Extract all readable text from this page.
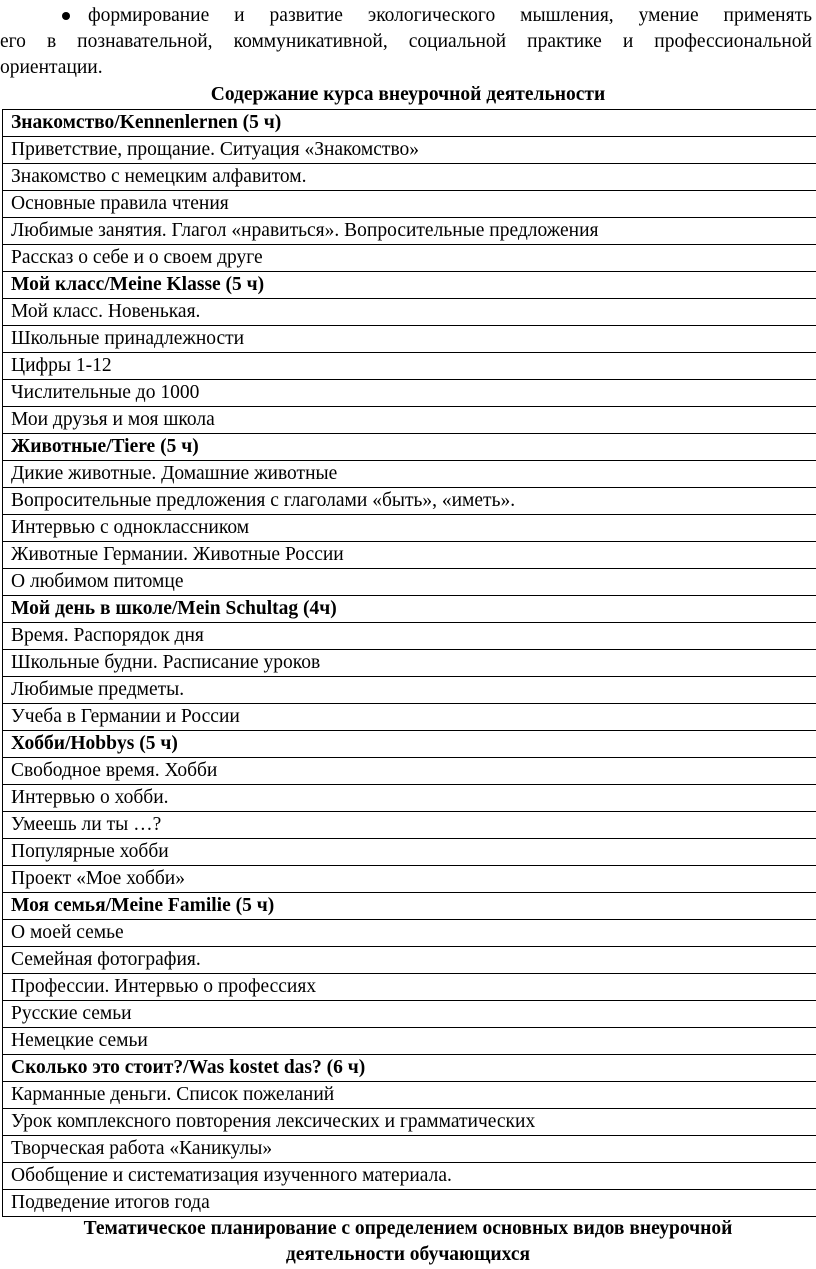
формирование и развитие экологического мышления, умение применять
его в познавательной, коммуникативной, социальной практике и профессиональной
ориентации.
Содержание курса внеурочной деятельности
Знакомство/Kennenlernen (5 ч)
Приветствие, прощание. Ситуация «Знакомство»
Знакомство с немецким алфавитом.
Основные правила чтения
Любимые занятия. Глагол «нравиться». Вопросительные предложения
Рассказ о себе и о своем друге
Мой класс/Meine Klasse (5 ч)
Мой класс. Новенькая.
Школьные принадлежности
Цифры 1-12
Числительные до 1000
Мои друзья и моя школа
Животные/Tiere (5 ч)
Дикие животные. Домашние животные
Вопросительные предложения с глаголами «быть», «иметь».
Интервью с одноклассником
Животные Германии. Животные России
О любимом питомце
Мой день в школе/Mein Schultag (4ч)
Время. Распорядок дня
Школьные будни. Расписание уроков
Любимые предметы.
Учеба в Германии и России
Хобби/Hobbys (5 ч)
Свободное время. Хобби
Интервью о хобби.
Умеешь ли ты …?
Популярные хобби
Проект «Мое хобби»
Моя семья/Meine Familie (5 ч)
О моей семье
Семейная фотография.
Профессии. Интервью о профессиях
Русские семьи
Немецкие семьи
Сколько это стоит?/Was kostet das? (6 ч)
Карманные деньги. Список пожеланий
Урок комплексного повторения лексических и грамматических
Творческая работа «Каникулы»
Обобщение и систематизация изученного материала.
Подведение итогов года
Тематическое планирование с определением основных видов внеурочной
деятельности обучающихся
